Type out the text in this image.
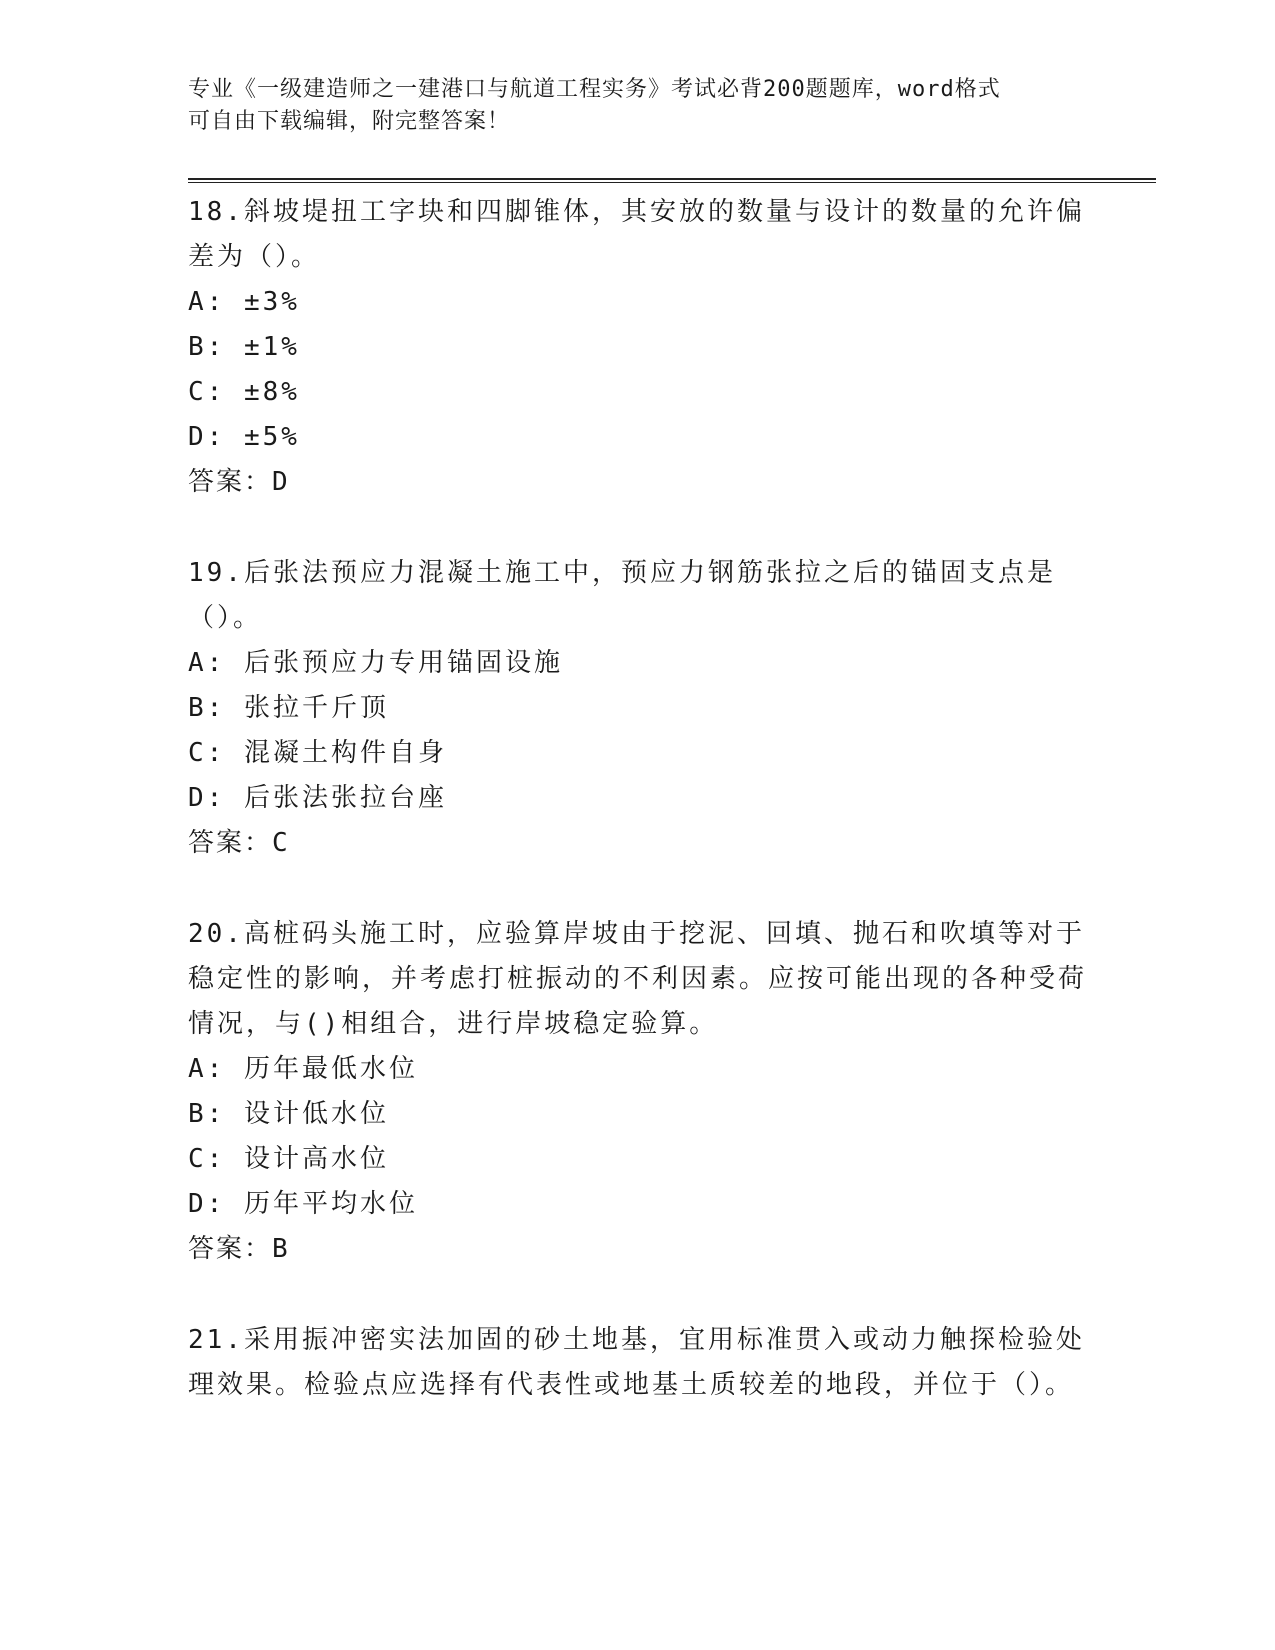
专业《一级建造师之一建港口与航道工程实务》考试必背200题题库，word格式
可自由下载编辑，附完整答案！

18.斜坡堤扭工字块和四脚锥体，其安放的数量与设计的数量的允许偏差为（）。

A: ±3%
B: ±1%
C: ±8%
D: ±5%
答案：D

19.后张法预应力混凝土施工中，预应力钢筋张拉之后的锚固支点是（）。

A: 后张预应力专用锚固设施
B: 张拉千斤顶
C: 混凝土构件自身
D: 后张法张拉台座
答案：C

20.高桩码头施工时，应验算岸坡由于挖泥、回填、抛石和吹填等对于稳定性的影响，并考虑打桩振动的不利因素。应按可能出现的各种受荷情况，与()相组合，进行岸坡稳定验算。

A: 历年最低水位
B: 设计低水位
C: 设计高水位
D: 历年平均水位
答案：B

21.采用振冲密实法加固的砂土地基，宜用标准贯入或动力触探检验处理效果。检验点应选择有代表性或地基土质较差的地段，并位于（）。
